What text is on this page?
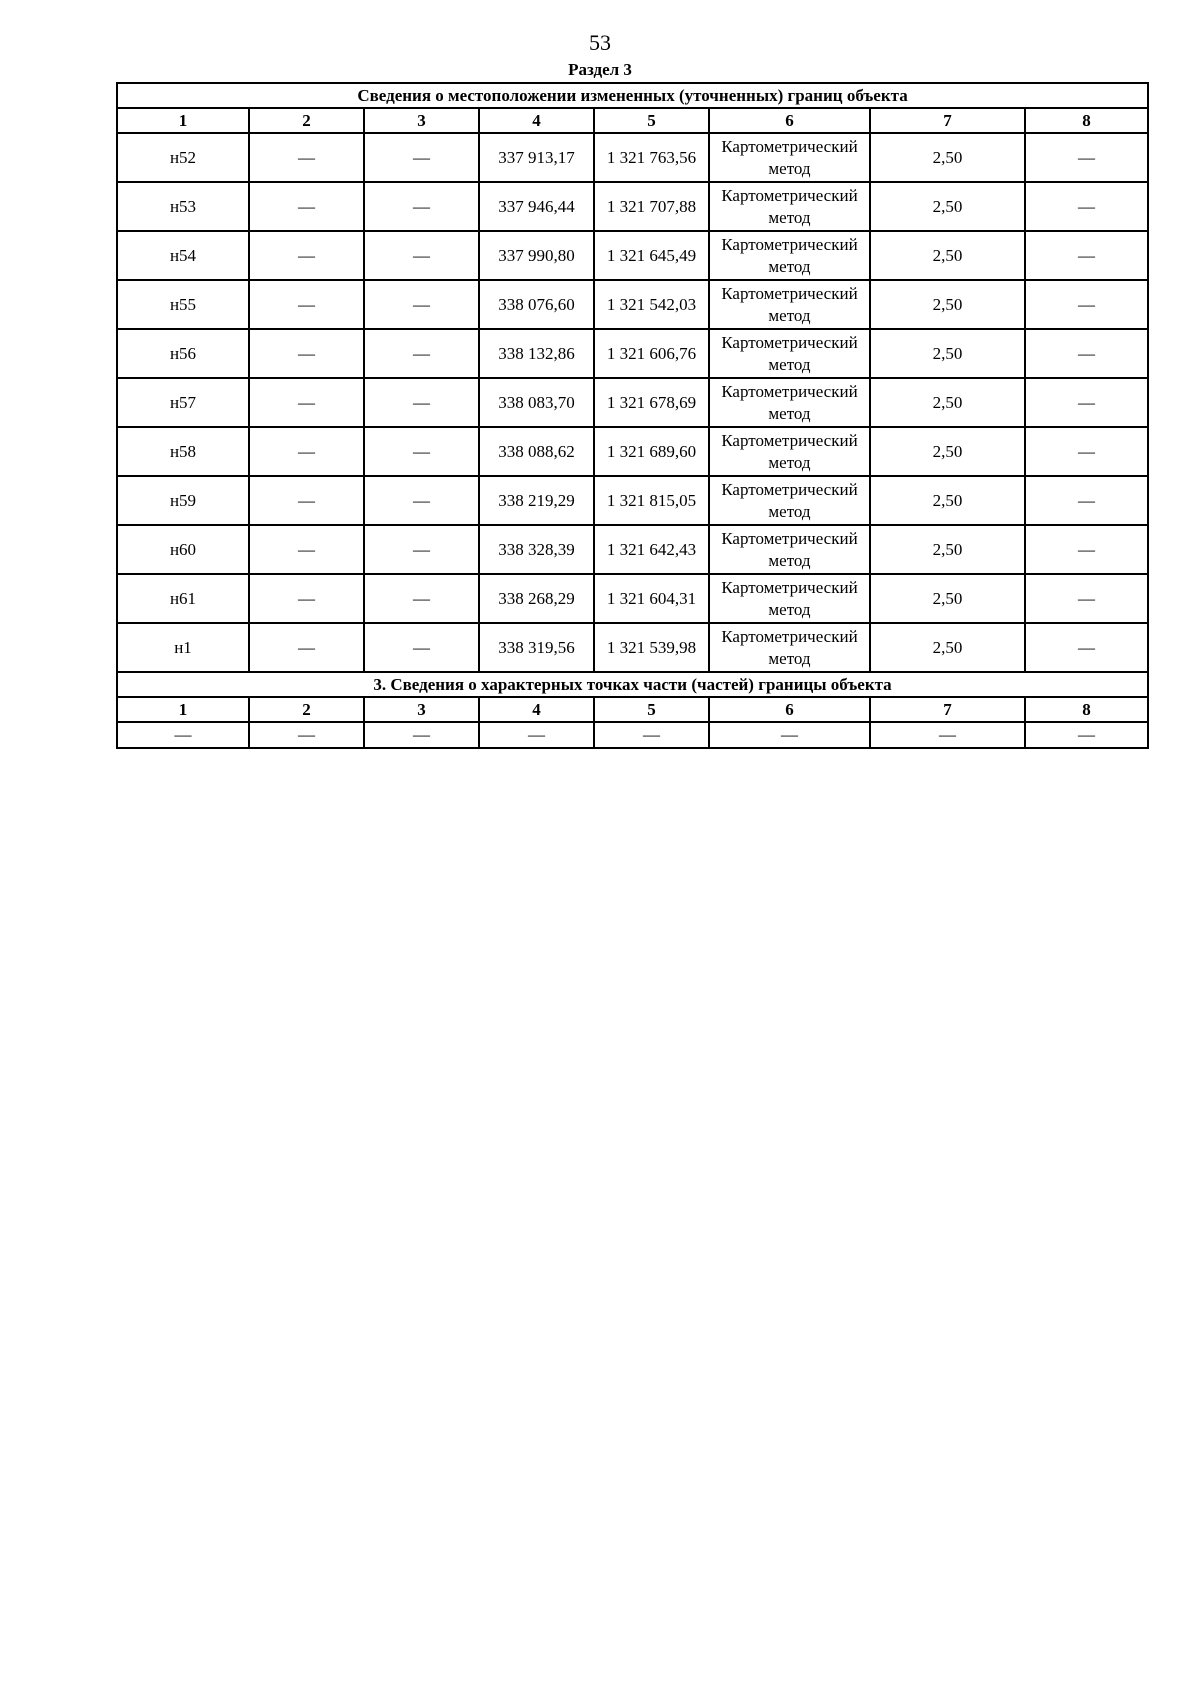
53
Раздел 3
Сведения о местоположении измененных (уточненных) границ объекта							
1	2	3	4	5	6	7	8
н52	—	—	337 913,17	1 321 763,56	Картометрический метод	2,50	—
н53	—	—	337 946,44	1 321 707,88	Картометрический метод	2,50	—
н54	—	—	337 990,80	1 321 645,49	Картометрический метод	2,50	—
н55	—	—	338 076,60	1 321 542,03	Картометрический метод	2,50	—
н56	—	—	338 132,86	1 321 606,76	Картометрический метод	2,50	—
н57	—	—	338 083,70	1 321 678,69	Картометрический метод	2,50	—
н58	—	—	338 088,62	1 321 689,60	Картометрический метод	2,50	—
н59	—	—	338 219,29	1 321 815,05	Картометрический метод	2,50	—
н60	—	—	338 328,39	1 321 642,43	Картометрический метод	2,50	—
н61	—	—	338 268,29	1 321 604,31	Картометрический метод	2,50	—
н1	—	—	338 319,56	1 321 539,98	Картометрический метод	2,50	—
3. Сведения о характерных точках части (частей) границы объекта							
1	2	3	4	5	6	7	8
—	—	—	—	—	—	—	—
